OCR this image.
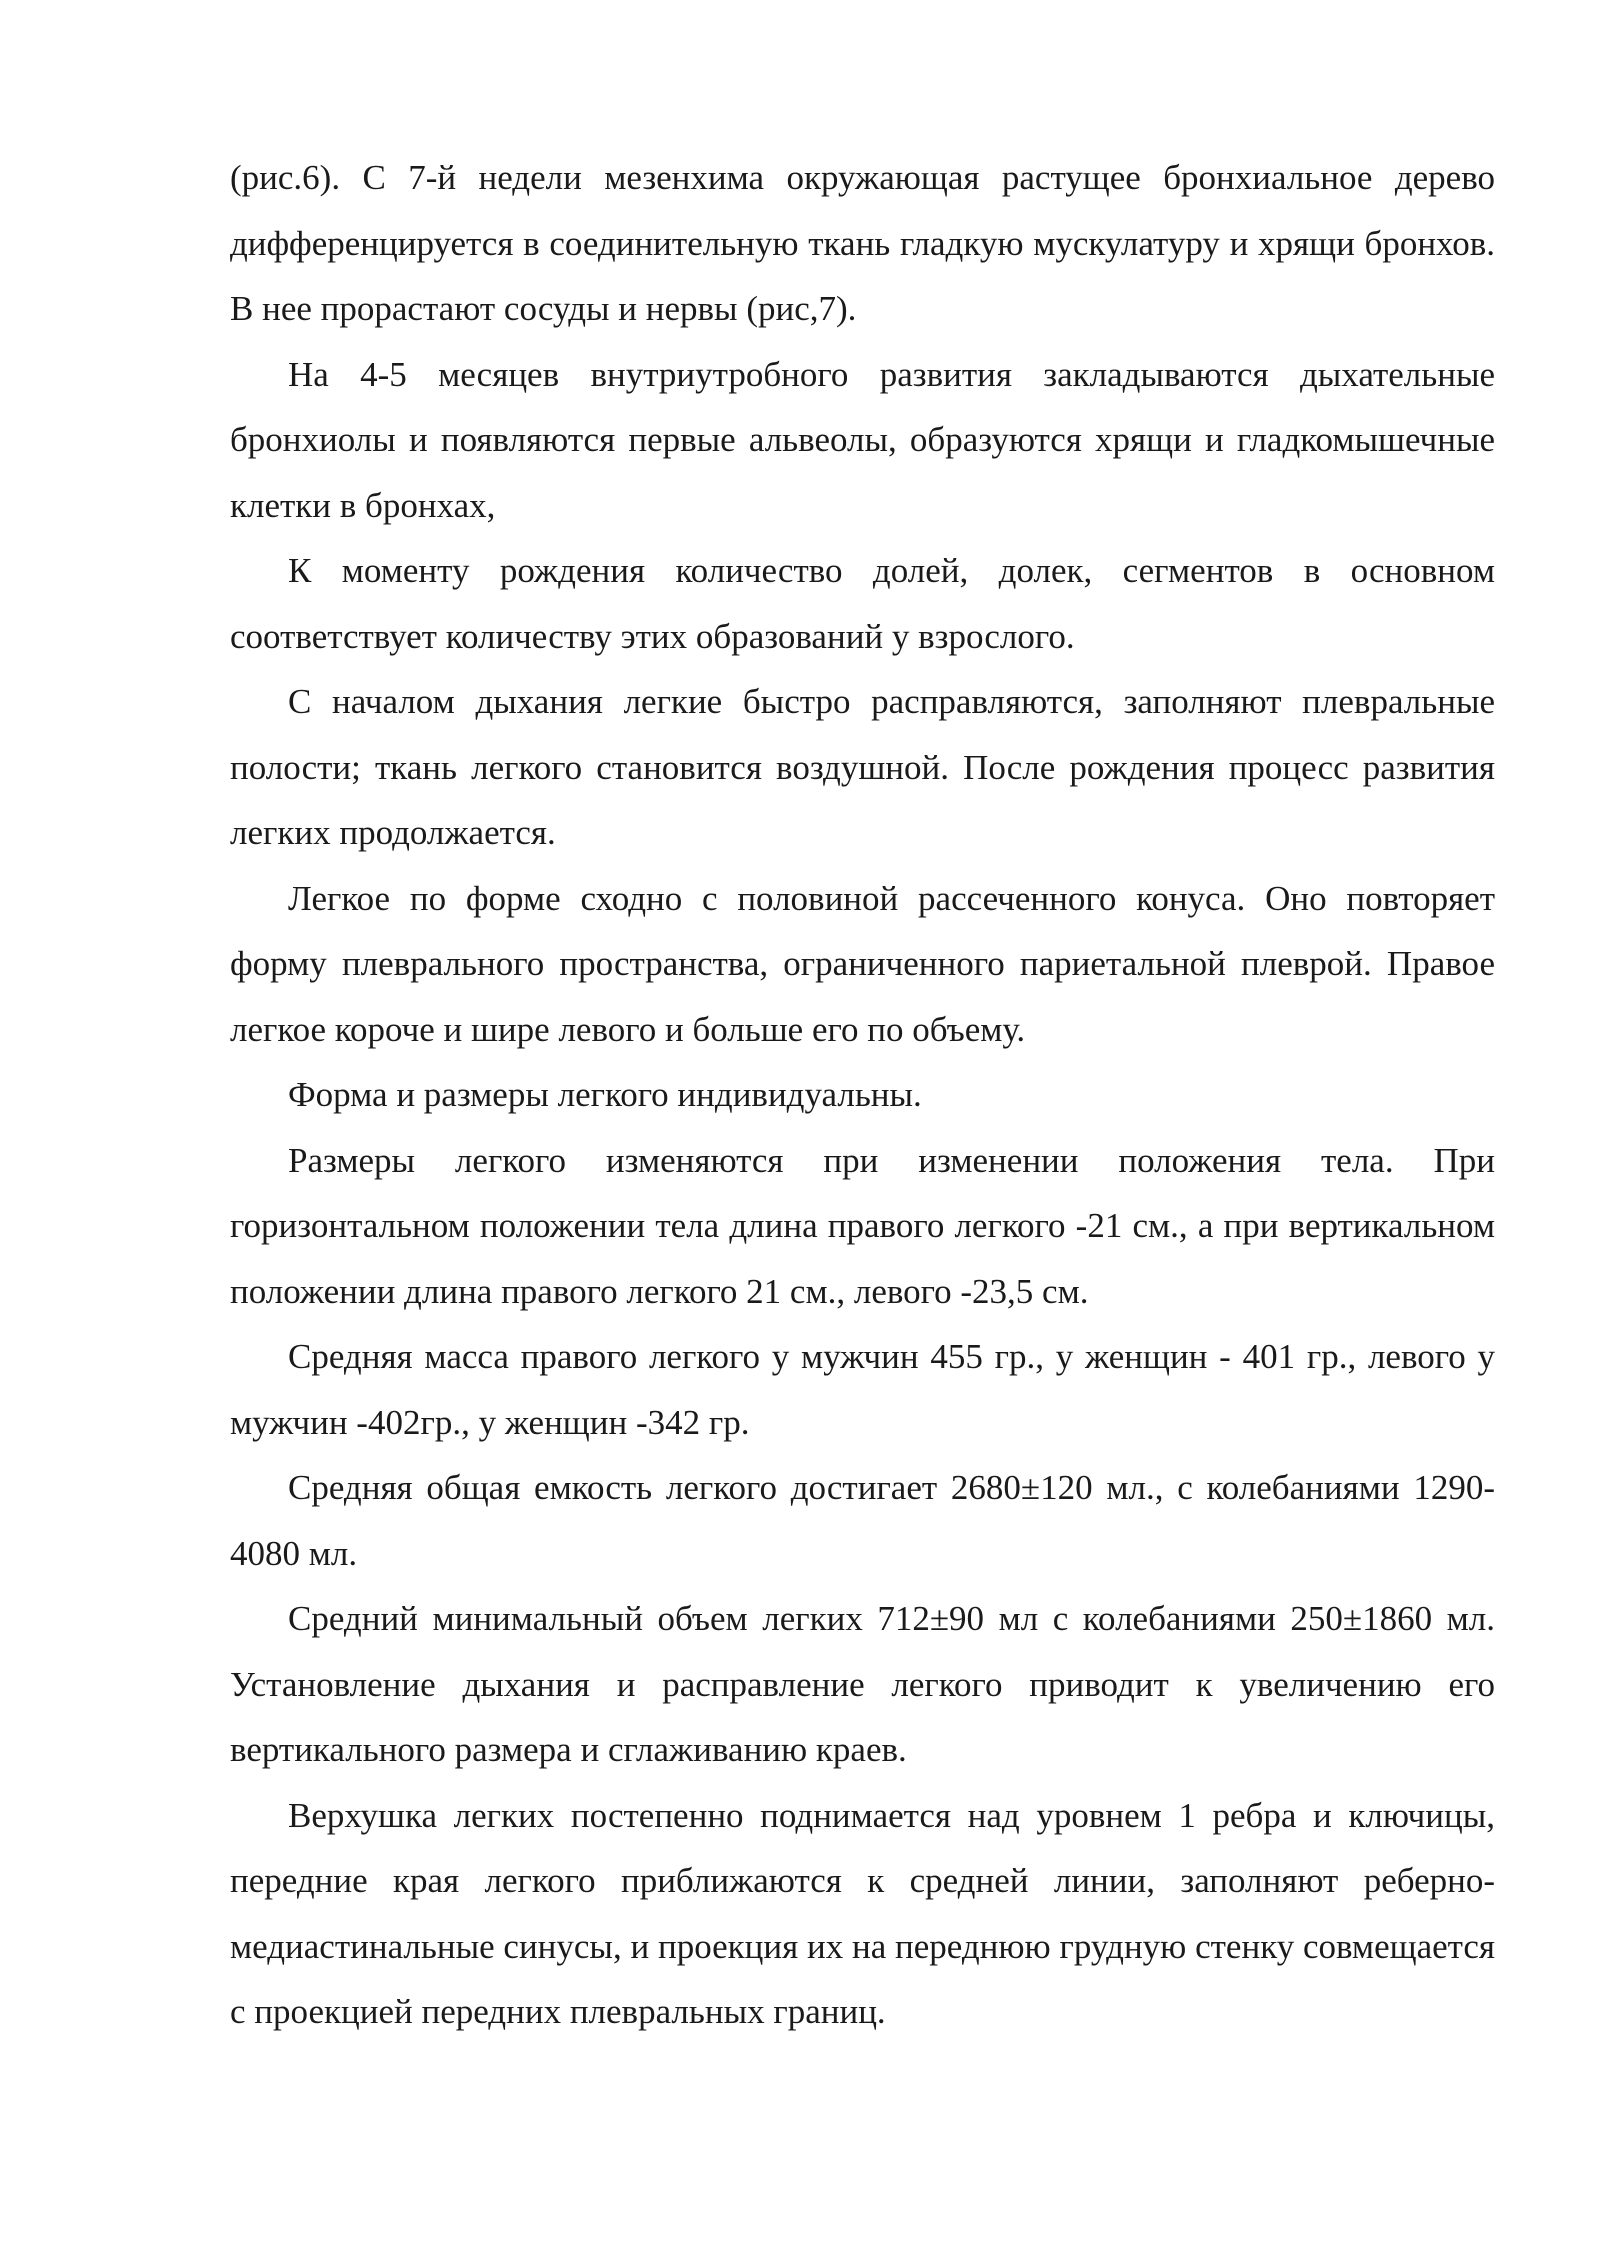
(рис.6). С 7-й недели мезенхима окружающая растущее бронхиальное дерево дифференцируется в соединительную ткань гладкую мускулатуру и хрящи бронхов. В нее прорастают сосуды и нервы (рис,7).

На 4-5 месяцев внутриутробного развития закладываются дыхательные бронхиолы и появляются первые альвеолы, образуются хрящи и гладкомышечные клетки в бронхах,

К моменту рождения количество долей, долек, сегментов в основном соответствует количеству этих образований у взрослого.

С началом дыхания легкие быстро расправляются, заполняют плевральные полости; ткань легкого становится воздушной. После рождения процесс развития легких продолжается.

Легкое по форме сходно с половиной рассеченного конуса. Оно повторяет форму плеврального пространства, ограниченного париетальной плеврой. Правое легкое короче и шире левого и больше его по объему.

Форма и размеры легкого индивидуальны.

Размеры легкого изменяются при изменении положения тела. При горизонтальном положении тела длина правого легкого -21 см., а при вертикальном положении длина правого легкого 21 см., левого -23,5 см.

Средняя масса правого легкого у мужчин 455 гр., у женщин - 401 гр., левого у мужчин -402гр., у женщин -342 гр.

Средняя общая емкость легкого достигает 2680±120 мл., с колебаниями 1290-4080 мл.

Средний минимальный объем легких 712±90 мл с колебаниями 250±1860 мл. Установление дыхания и расправление легкого приводит к увеличению его вертикального размера и сглаживанию краев.

Верхушка легких постепенно поднимается над уровнем 1 ребра и ключицы, передние края легкого приближаются к средней линии, заполняют реберно-медиастинальные синусы, и проекция их на переднюю грудную стенку совмещается с проекцией передних плевральных границ.
